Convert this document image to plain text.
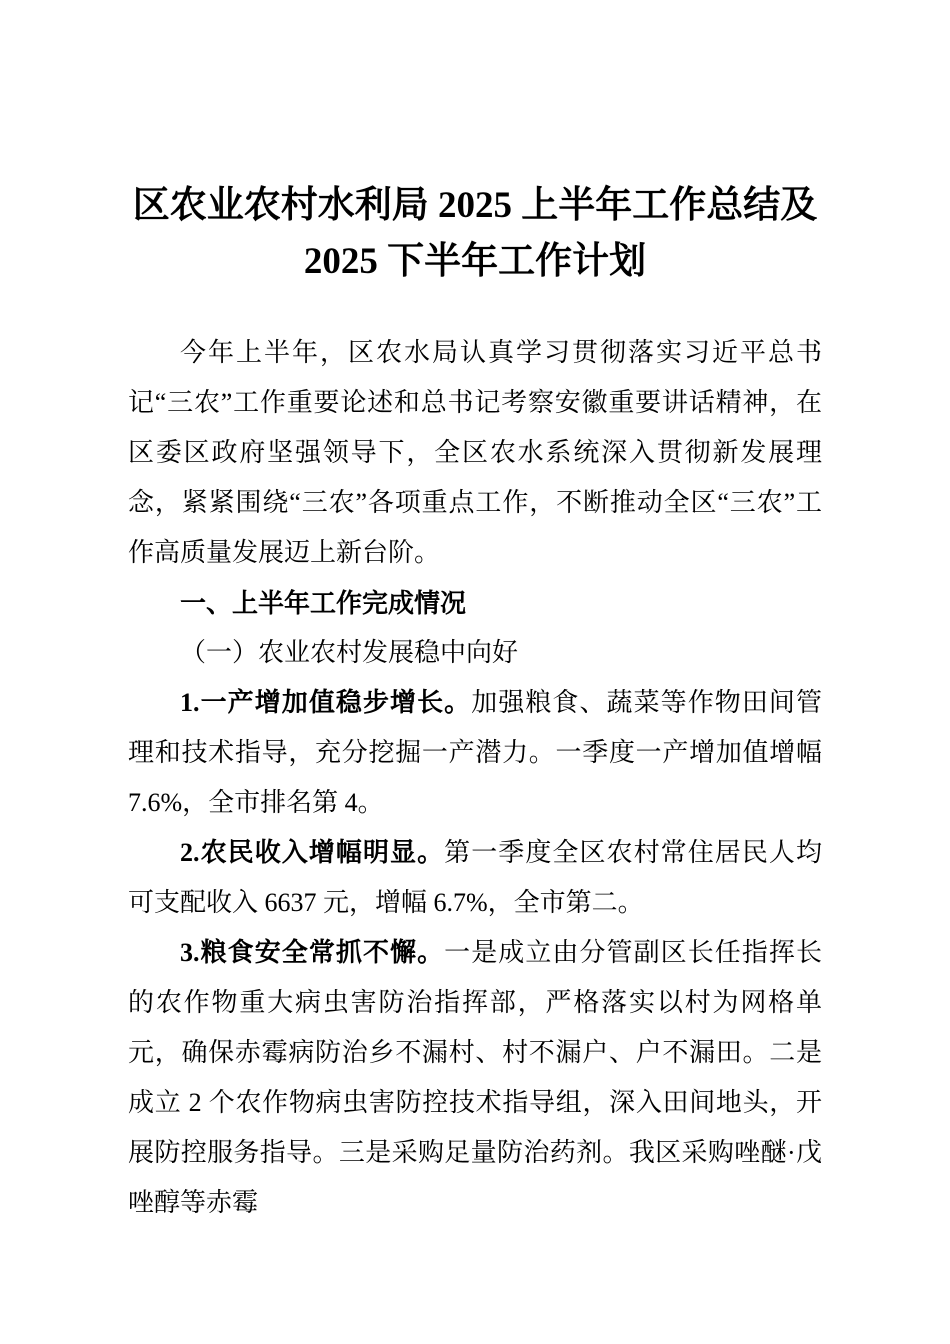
区农业农村水利局 2025 上半年工作总结及
2025 下半年工作计划

今年上半年，区农水局认真学习贯彻落实习近平总书记“三农”工作重要论述和总书记考察安徽重要讲话精神，在区委区政府坚强领导下，全区农水系统深入贯彻新发展理念，紧紧围绕“三农”各项重点工作，不断推动全区“三农”工作高质量发展迈上新台阶。

一、上半年工作完成情况

（一）农业农村发展稳中向好

1.一产增加值稳步增长。加强粮食、蔬菜等作物田间管理和技术指导，充分挖掘一产潜力。一季度一产增加值增幅 7.6%，全市排名第 4。

2.农民收入增幅明显。第一季度全区农村常住居民人均可支配收入 6637 元，增幅 6.7%，全市第二。

3.粮食安全常抓不懈。一是成立由分管副区长任指挥长的农作物重大病虫害防治指挥部，严格落实以村为网格单元，确保赤霉病防治乡不漏村、村不漏户、户不漏田。二是成立 2 个农作物病虫害防控技术指导组，深入田间地头，开展防控服务指导。三是采购足量防治药剂。我区采购唑醚·戊唑醇等赤霉
